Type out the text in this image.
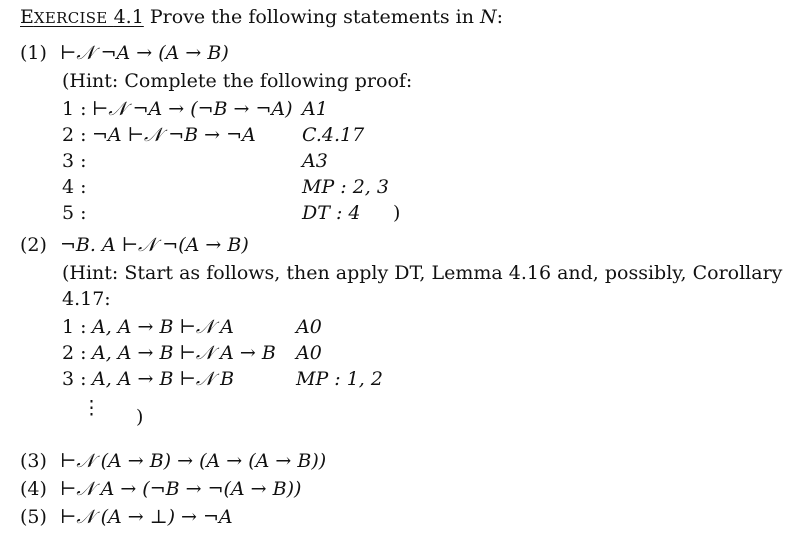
EXERCISE 4.1 Prove the following statements in N:
(1) ⊢𝒩 ¬A → (A → B)
(Hint: Complete the following proof:
1 : ⊢𝒩 ¬A → (¬B → ¬A) A1
2 : ¬A ⊢𝒩 ¬B → ¬A C.4.17
3 :	A3
4 :	MP : 2, 3
5 :	DT : 4 )
(2) ¬B. A ⊢𝒩 ¬(A → B)
(Hint: Start as follows, then apply DT, Lemma 4.16 and, possibly, Corollary
4.17:
1 : A, A → B ⊢𝒩 A	A0
2 : A, A → B ⊢𝒩 A → B A0
3 : A, A → B ⊢𝒩 B	MP : 1, 2
⋮ )
(3) ⊢𝒩 (A → B) → (A → (A → B))
(4) ⊢𝒩 A → (¬B → ¬(A → B))
(5) ⊢𝒩 (A → ⊥) → ¬A
